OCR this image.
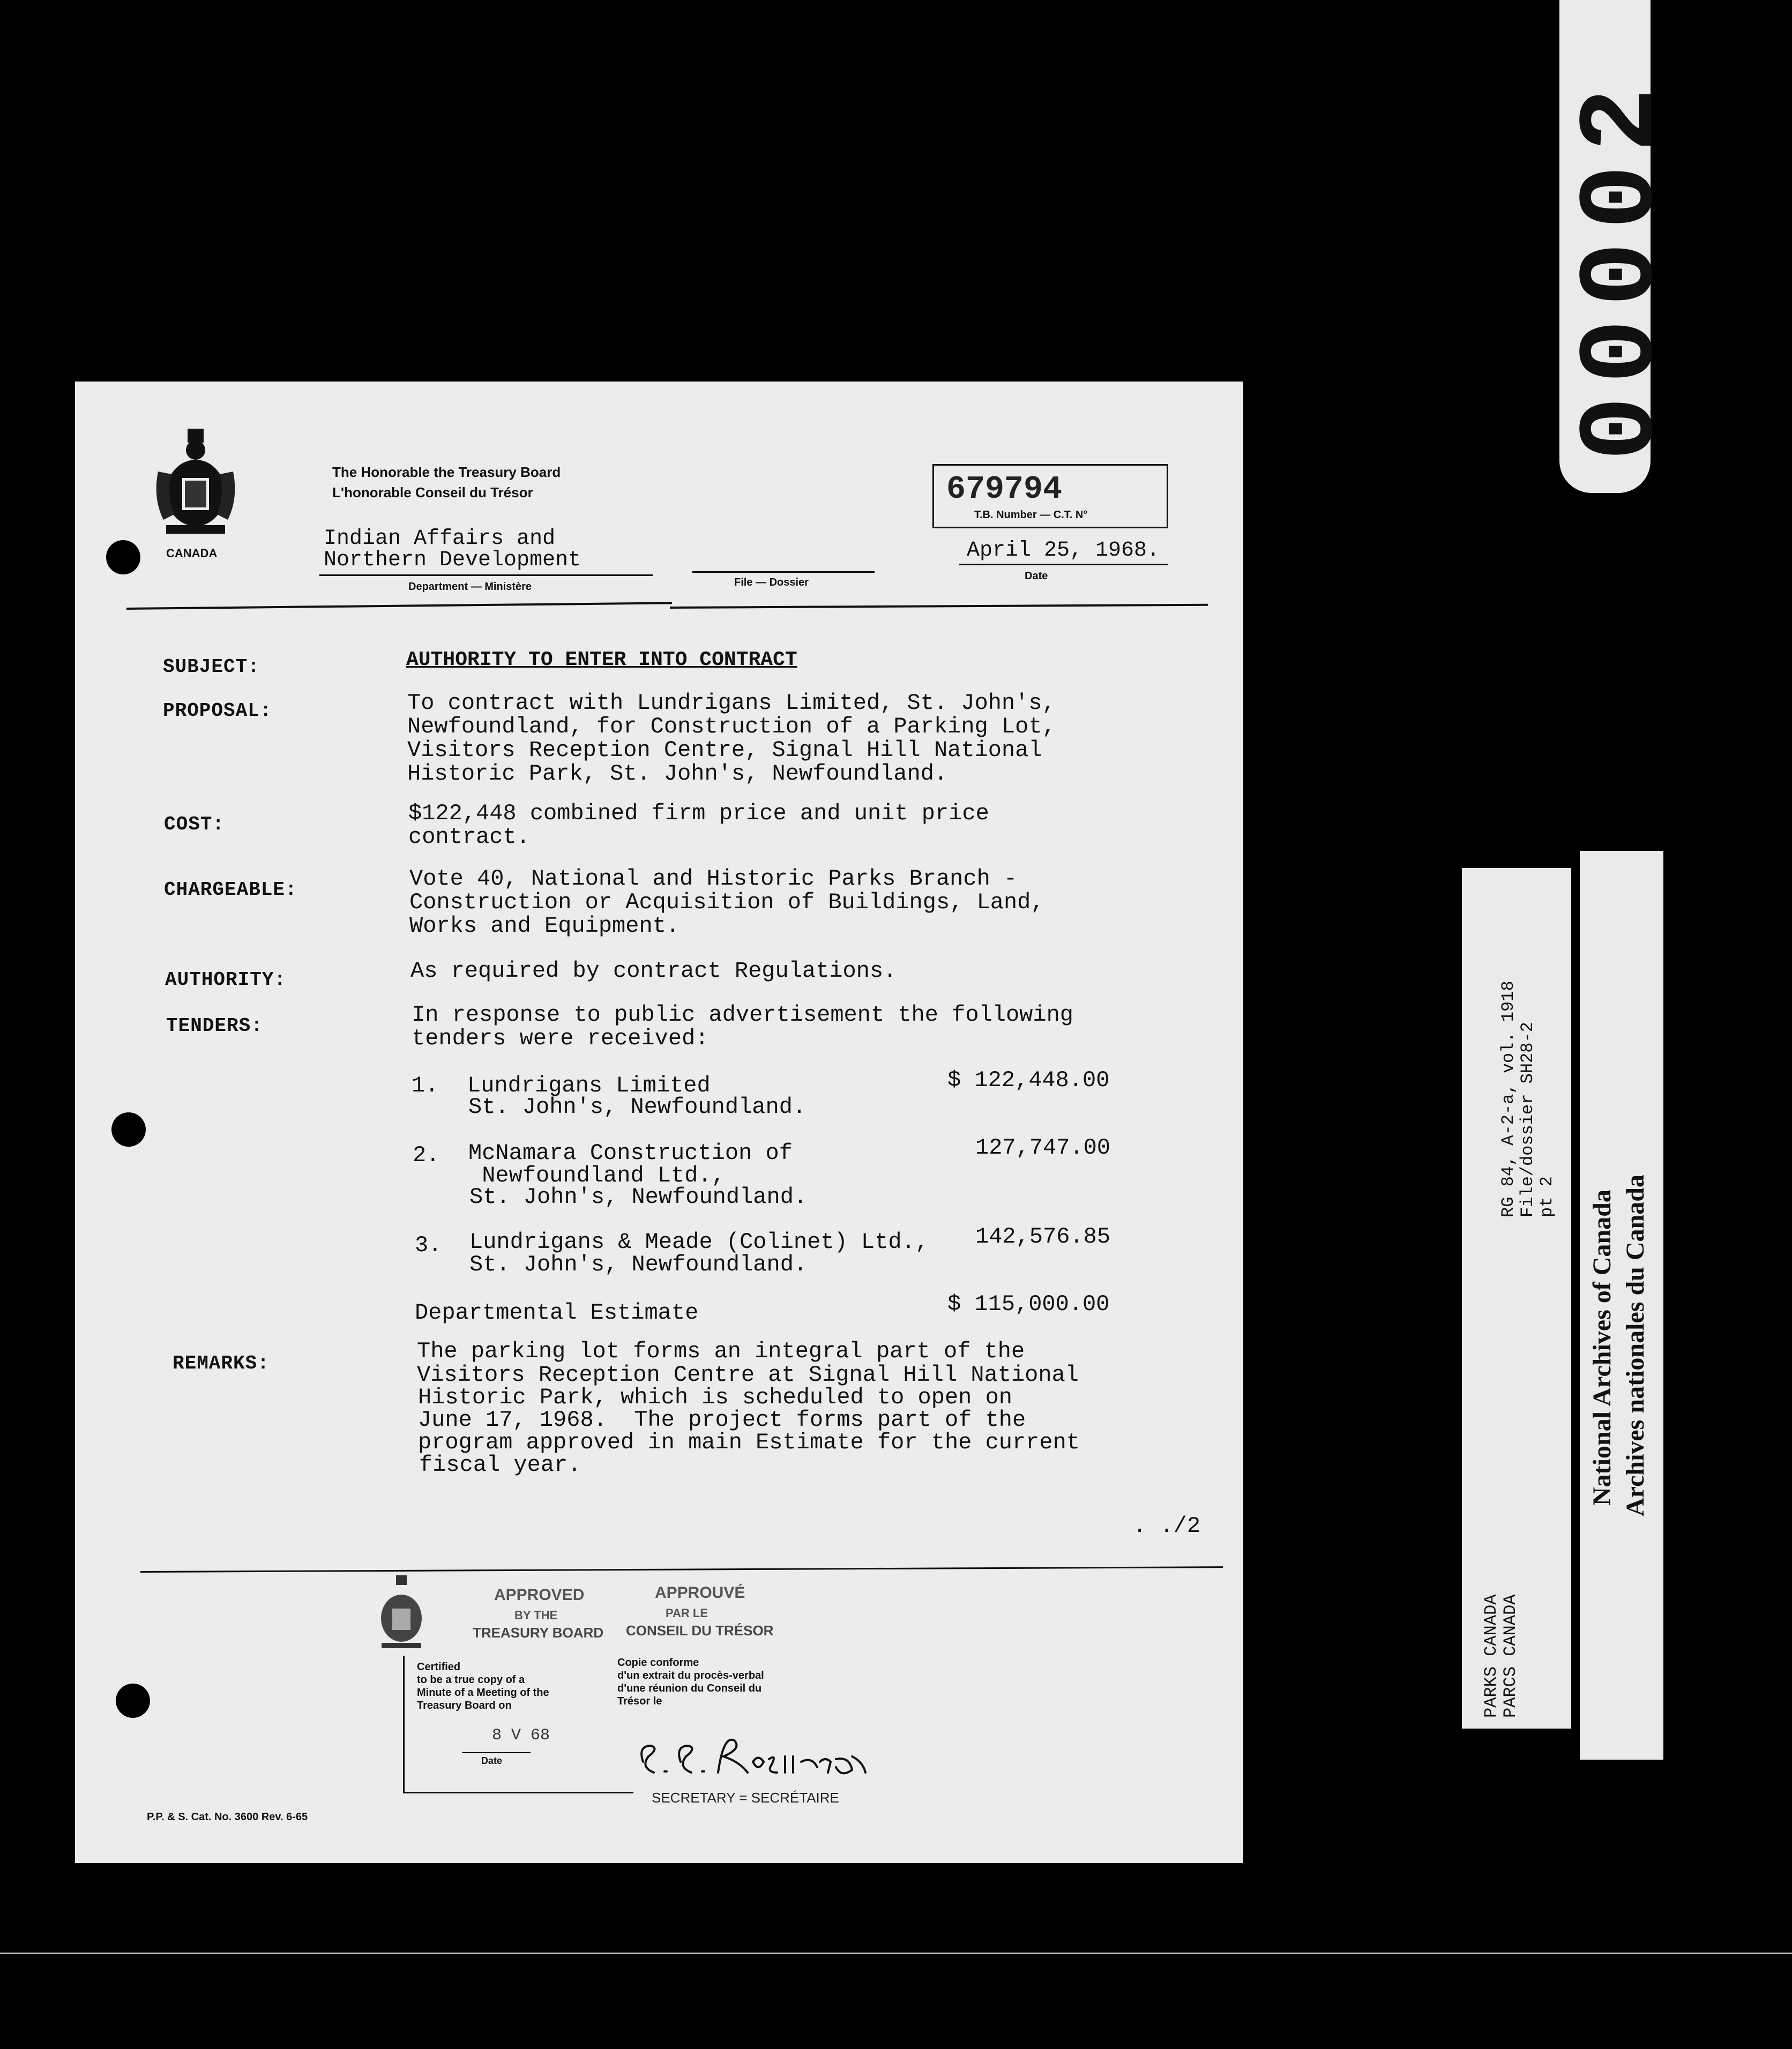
00002
CANADA
The Honorable the Treasury Board
L'honorable Conseil du Trésor
Indian Affairs and
Northern Development
Department — Ministère	File — Dossier
679794
T.B. Number — C.T. N°
April 25, 1968.
Date
SUBJECT:	AUTHORITY TO ENTER INTO CONTRACT
PROPOSAL:	To contract with Lundrigans Limited, St. John's,
Newfoundland, for Construction of a Parking Lot,
Visitors Reception Centre, Signal Hill National
Historic Park, St. John's, Newfoundland.
COST:	$122,448 combined firm price and unit price
contract.
CHARGEABLE:	Vote 40, National and Historic Parks Branch -
Construction or Acquisition of Buildings, Land,
Works and Equipment.
AUTHORITY:	As required by contract Regulations.
TENDERS:	In response to public advertisement the following
tenders were received:
1. Lundrigans Limited
St. John's, Newfoundland.
$ 122,448.00
2. McNamara Construction of
Newfoundland Ltd.,
St. John's, Newfoundland.
127,747.00
3. Lundrigans & Meade (Colinet) Ltd.,
St. John's, Newfoundland.
142,576.85
Departmental Estimate	$ 115,000.00
REMARKS:	The parking lot forms an integral part of the
Visitors Reception Centre at Signal Hill National
Historic Park, which is scheduled to open on
June 17, 1968.  The project forms part of the
program approved in main Estimate for the current
fiscal year.
. ./2
APPROVED
BY THE
TREASURY BOARD
APPROUVÉ
PAR LE
CONSEIL DU TRÉSOR
Certified
to be a true copy of a
Minute of a Meeting of the
Treasury Board on
Copie conforme
d'un extrait du procès-verbal
d'une réunion du Conseil du
Trésor le
8 V 68
Date
SECRETARY = SECRÉTAIRE
P.P. & S. Cat. No. 3600 Rev. 6-65
RG 84, A-2-a, vol. 1918 File/dossier SH28-2 pt 2
PARKS CANADA PARCS CANADA
National Archives of Canada Archives nationales du Canada
